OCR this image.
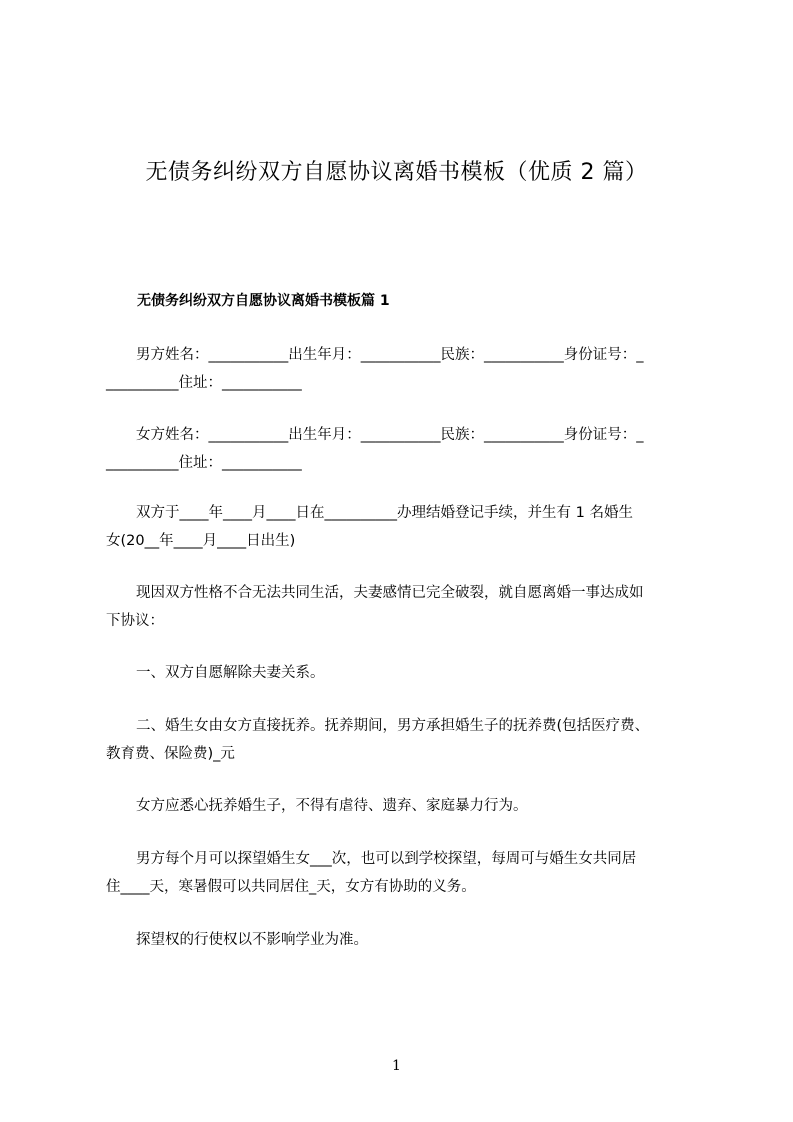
无债务纠纷双方自愿协议离婚书模板（优质 2 篇）
无债务纠纷双方自愿协议离婚书模板篇 1

男方姓名：___________出生年月：___________民族：___________身份证号：_
__________住址：___________

女方姓名：___________出生年月：___________民族：___________身份证号：_
__________住址：___________

双方于____年____月____日在__________办理结婚登记手续，并生有 1 名婚生
女(20__年____月____日出生)

现因双方性格不合无法共同生活，夫妻感情已完全破裂，就自愿离婚一事达成如
下协议：

一、双方自愿解除夫妻关系。

二、婚生女由女方直接抚养。抚养期间，男方承担婚生子的抚养费(包括医疗费、
教育费、保险费)_元

女方应悉心抚养婚生子，不得有虐待、遗弃、家庭暴力行为。

男方每个月可以探望婚生女___次，也可以到学校探望，每周可与婚生女共同居
住____天，寒暑假可以共同居住_天，女方有协助的义务。

探望权的行使权以不影响学业为准。

1
